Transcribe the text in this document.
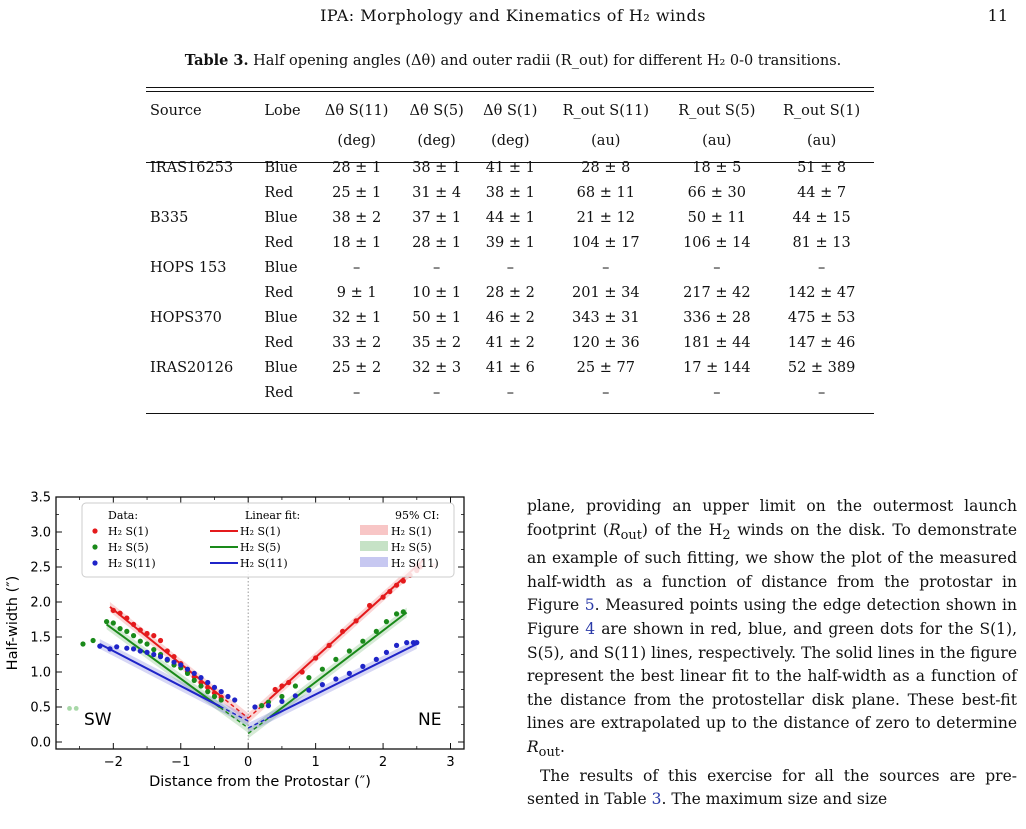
IPA: Morphology and Kinematics of H₂ winds	11
Table 3. Half opening angles (Δθ) and outer radii (R_out) for different H₂ 0-0 transitions.
Source	Lobe	Δθ S(11)	Δθ S(5)	Δθ S(1)	R_out S(11)	R_out S(5)	R_out S(1)
		(deg)	(deg)	(deg)	(au)	(au)	(au)
IRAS16253	Blue	28 ± 1	38 ± 1	41 ± 1	28 ± 8	18 ± 5	51 ± 8
	Red	25 ± 1	31 ± 4	38 ± 1	68 ± 11	66 ± 30	44 ± 7
B335	Blue	38 ± 2	37 ± 1	44 ± 1	21 ± 12	50 ± 11	44 ± 15
	Red	18 ± 1	28 ± 1	39 ± 1	104 ± 17	106 ± 14	81 ± 13
HOPS 153	Blue	–	–	–	–	–	–
	Red	9 ± 1	10 ± 1	28 ± 2	201 ± 34	217 ± 42	142 ± 47
HOPS370	Blue	32 ± 1	50 ± 1	46 ± 2	343 ± 31	336 ± 28	475 ± 53
	Red	33 ± 2	35 ± 2	41 ± 2	120 ± 36	181 ± 44	147 ± 46
IRAS20126	Blue	25 ± 2	32 ± 3	41 ± 6	25 ± 77	17 ± 144	52 ± 389
	Red	–	–	–	–	–	–
−2	−1	0	1	2	3
0.0
0.5
1.0
1.5
2.0
2.5
3.0
3.5
Distance from the Protostar (″)
Half-width (″)
SW	NE
Data:	Linear fit:	95% CI:
H₂ S(1)	H₂ S(1)	H₂ S(1)
H₂ S(5)	H₂ S(5)	H₂ S(5)
H₂ S(11)	H₂ S(11)	H₂ S(11)

plane, providing an upper limit on the outermost launch footprint $(R_{out})$ of the $H_2$ winds on the disk. To demonstrate an example of such fitting, we show the plot of the measured half-width as a function of distance from the protostar in Figure 5. Measured points using the edge detection shown in Figure 4 are shown in red, blue, and green dots for the S(1), S(5), and S(11) lines, respectively. The solid lines in the figure represent the best linear fit to the half-width as a function of the distance from the protostellar disk plane. These best-fit lines are extrapolated up to the distance of zero to determine $R_{out}$.

The results of this exercise for all the sources are pre- sented in Table 3. The maximum size and size
